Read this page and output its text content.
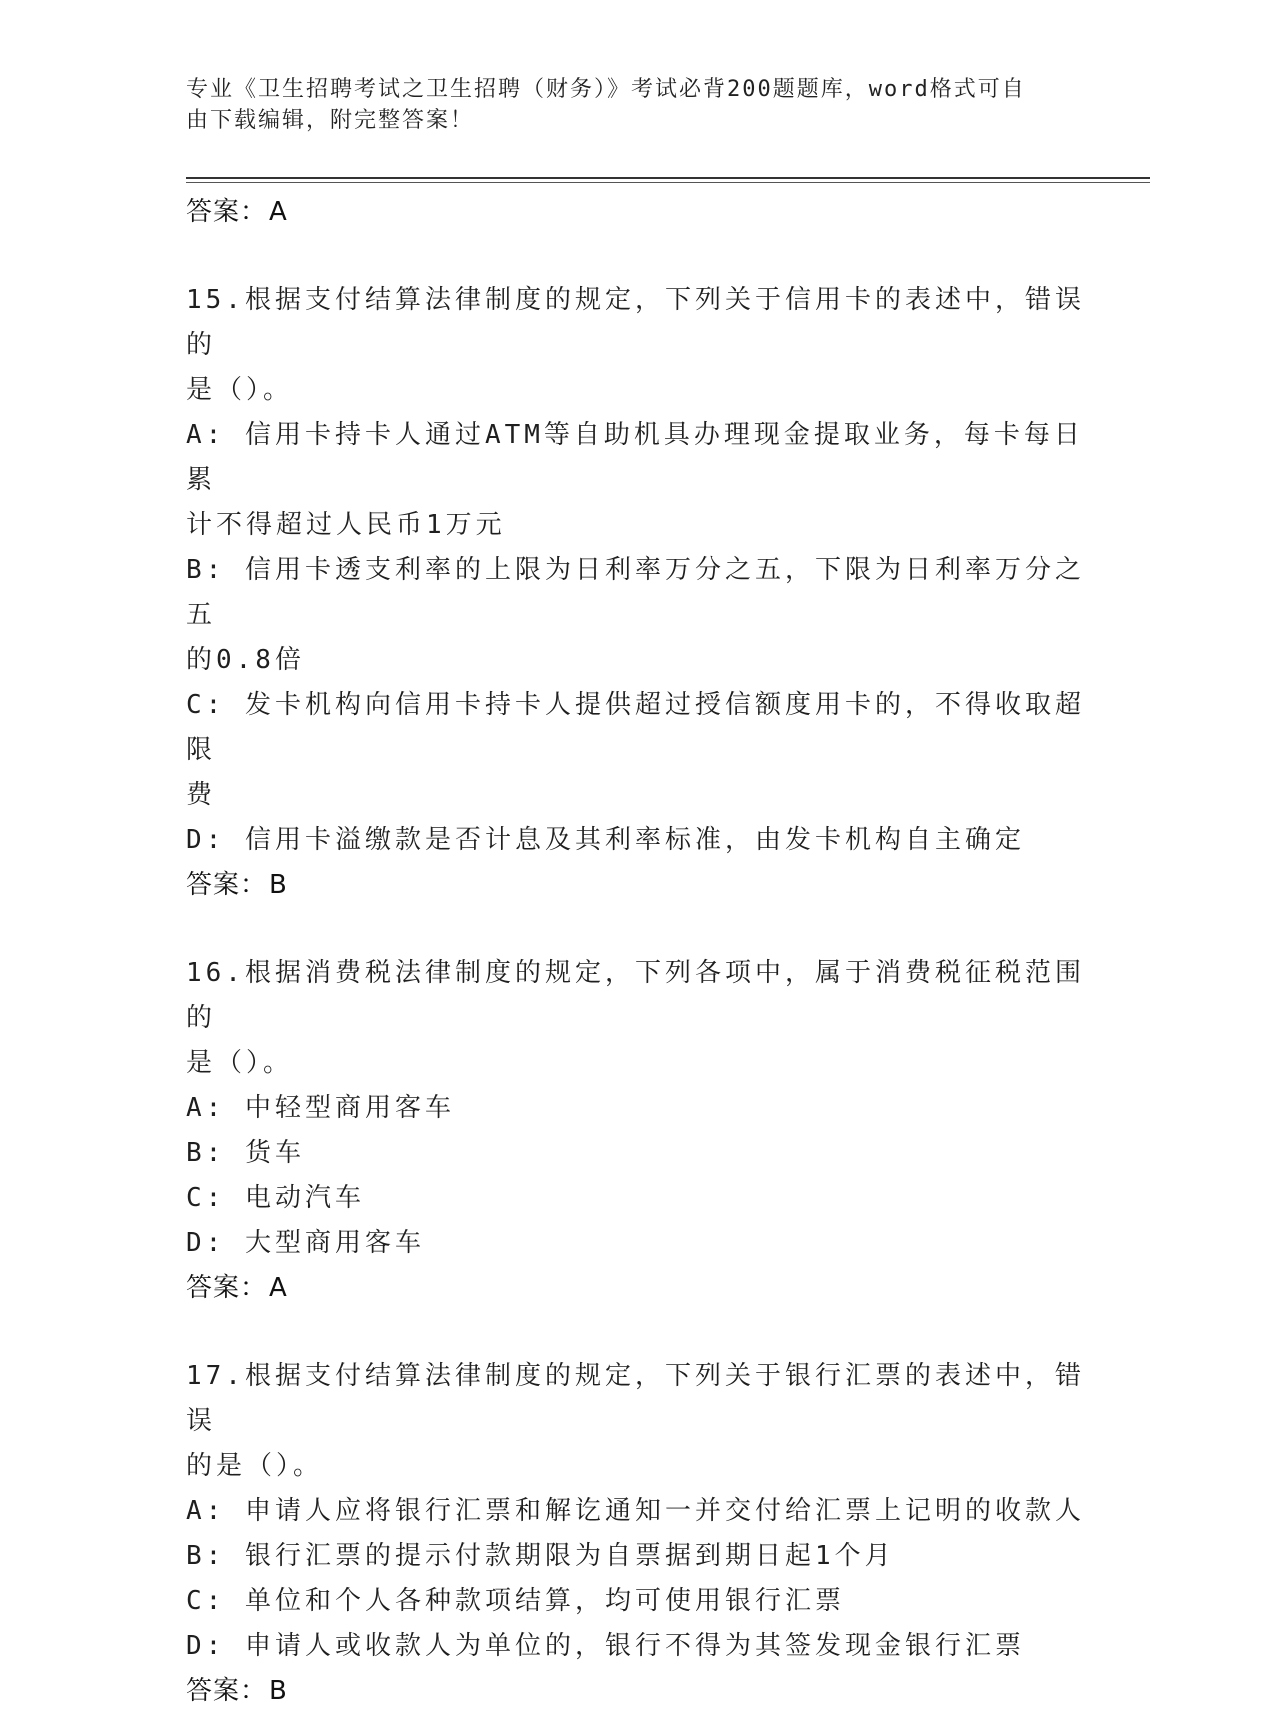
专业《卫生招聘考试之卫生招聘（财务）》考试必背200题题库，word格式可自
由下载编辑，附完整答案！
答案：A
15.根据支付结算法律制度的规定，下列关于信用卡的表述中，错误的
是（）。
A: 信用卡持卡人通过ATM等自助机具办理现金提取业务，每卡每日累
计不得超过人民币1万元
B: 信用卡透支利率的上限为日利率万分之五，下限为日利率万分之五
的0.8倍
C: 发卡机构向信用卡持卡人提供超过授信额度用卡的，不得收取超限
费
D: 信用卡溢缴款是否计息及其利率标准，由发卡机构自主确定
答案：B
16.根据消费税法律制度的规定，下列各项中，属于消费税征税范围的
是（）。
A: 中轻型商用客车
B: 货车
C: 电动汽车
D: 大型商用客车
答案：A
17.根据支付结算法律制度的规定，下列关于银行汇票的表述中，错误
的是（）。
A: 申请人应将银行汇票和解讫通知一并交付给汇票上记明的收款人
B: 银行汇票的提示付款期限为自票据到期日起1个月
C: 单位和个人各种款项结算，均可使用银行汇票
D: 申请人或收款人为单位的，银行不得为其签发现金银行汇票
答案：B
